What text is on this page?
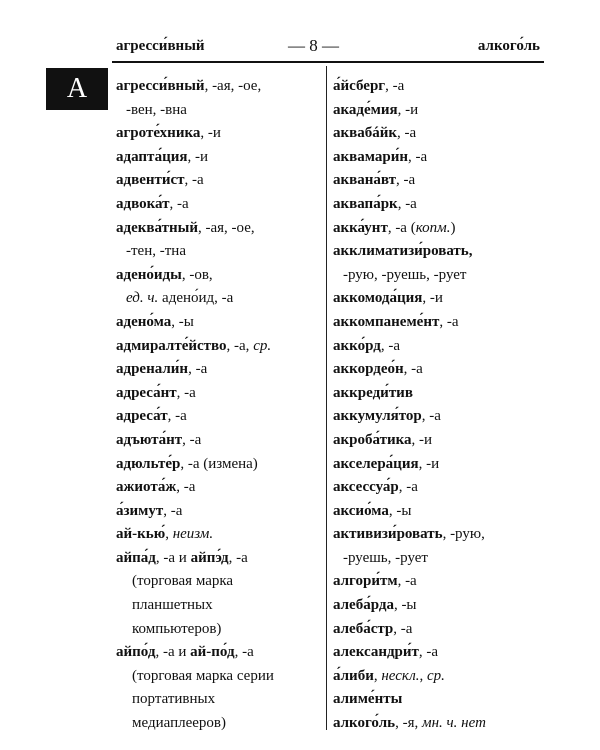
агресси́вный	— 8 —	алкого́ль
А	агресси́вный, -ая, -ое,
-вен, -вна
агроте́хника, -и
адапта́ция, -и
адвенти́ст, -а
адвока́т, -а
адеква́тный, -ая, -ое,
-тен, -тна
адено́иды, -ов,
ед. ч. адено́ид, -а
адено́ма, -ы
адмиралте́йство, -а, ср.
адренали́н, -а
адреса́нт, -а
адреса́т, -а
адъюта́нт, -а
адюльте́р, -а (измена)
ажиота́ж, -а
а́зимут, -а
ай-кью́, неизм.
айпа́д, -а и айпэ́д, -а
(торговая марка
планшетных
компьютеров)
айпо́д, -а и ай-по́д, -а
(торговая марка серии
портативных
медиаплееров)
а́йсберг, -а
акаде́мия, -и
аквабáйк, -а
аквамари́н, -а
аквана́вт, -а
аквапа́рк, -а
акка́унт, -а (копм.)
акклиматизи́ровать,
-рую, -руешь, -рует
аккомода́ция, -и
аккомпанеме́нт, -а
акко́рд, -а
аккордео́н, -а
аккреди́тив
аккумуля́тор, -а
акроба́тика, -и
акселера́ция, -и
аксессуа́р, -а
аксио́ма, -ы
активизи́ровать, -рую,
-руешь, -рует
алгори́тм, -а
алеба́рда, -ы
алеба́стр, -а
александри́т, -а
а́либи, нескл., ср.
алиме́нты
алкого́ль, -я, мн. ч. нет
